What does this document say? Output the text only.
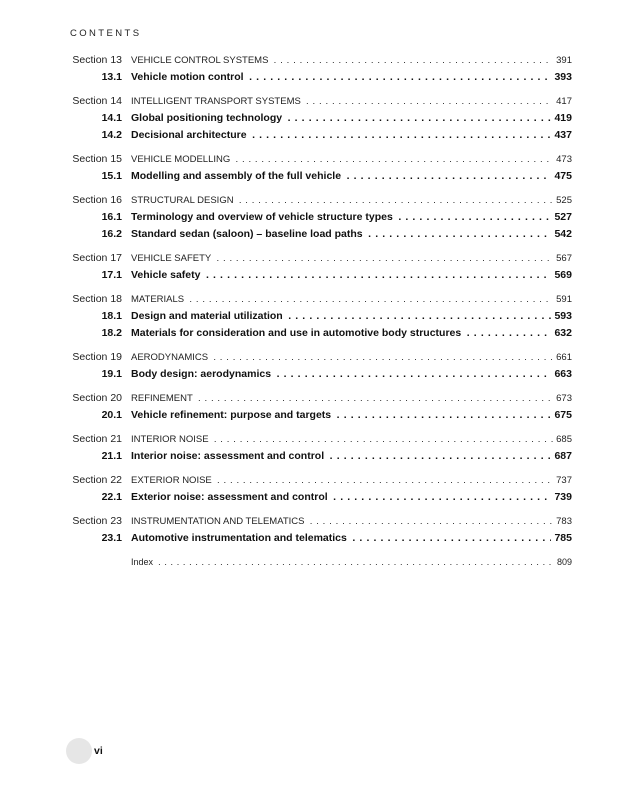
CONTENTS
Section 13 VEHICLE CONTROL SYSTEMS . . .	391
13.1 Vehicle motion control . . .	393
Section 14 INTELLIGENT TRANSPORT SYSTEMS . . .	417
14.1 Global positioning technology . . .	419
14.2 Decisional architecture . . .	437
Section 15 VEHICLE MODELLING . . .	473
15.1 Modelling and assembly of the full vehicle . . .	475
Section 16 STRUCTURAL DESIGN . . .	525
16.1 Terminology and overview of vehicle structure types . . .	527
16.2 Standard sedan (saloon) – baseline load paths . . .	542
Section 17 VEHICLE SAFETY . . .	567
17.1 Vehicle safety . . .	569
Section 18 MATERIALS . . .	591
18.1 Design and material utilization . . .	593
18.2 Materials for consideration and use in automotive body structures . . .	632
Section 19 AERODYNAMICS . . .	661
19.1 Body design: aerodynamics . . .	663
Section 20 REFINEMENT . . .	673
20.1 Vehicle refinement: purpose and targets . . .	675
Section 21 INTERIOR NOISE . . .	685
21.1 Interior noise: assessment and control . . .	687
Section 22 EXTERIOR NOISE . . .	737
22.1 Exterior noise: assessment and control . . .	739
Section 23 INSTRUMENTATION AND TELEMATICS . . .	783
23.1 Automotive instrumentation and telematics . . .	785
Index . . .	809
vi
